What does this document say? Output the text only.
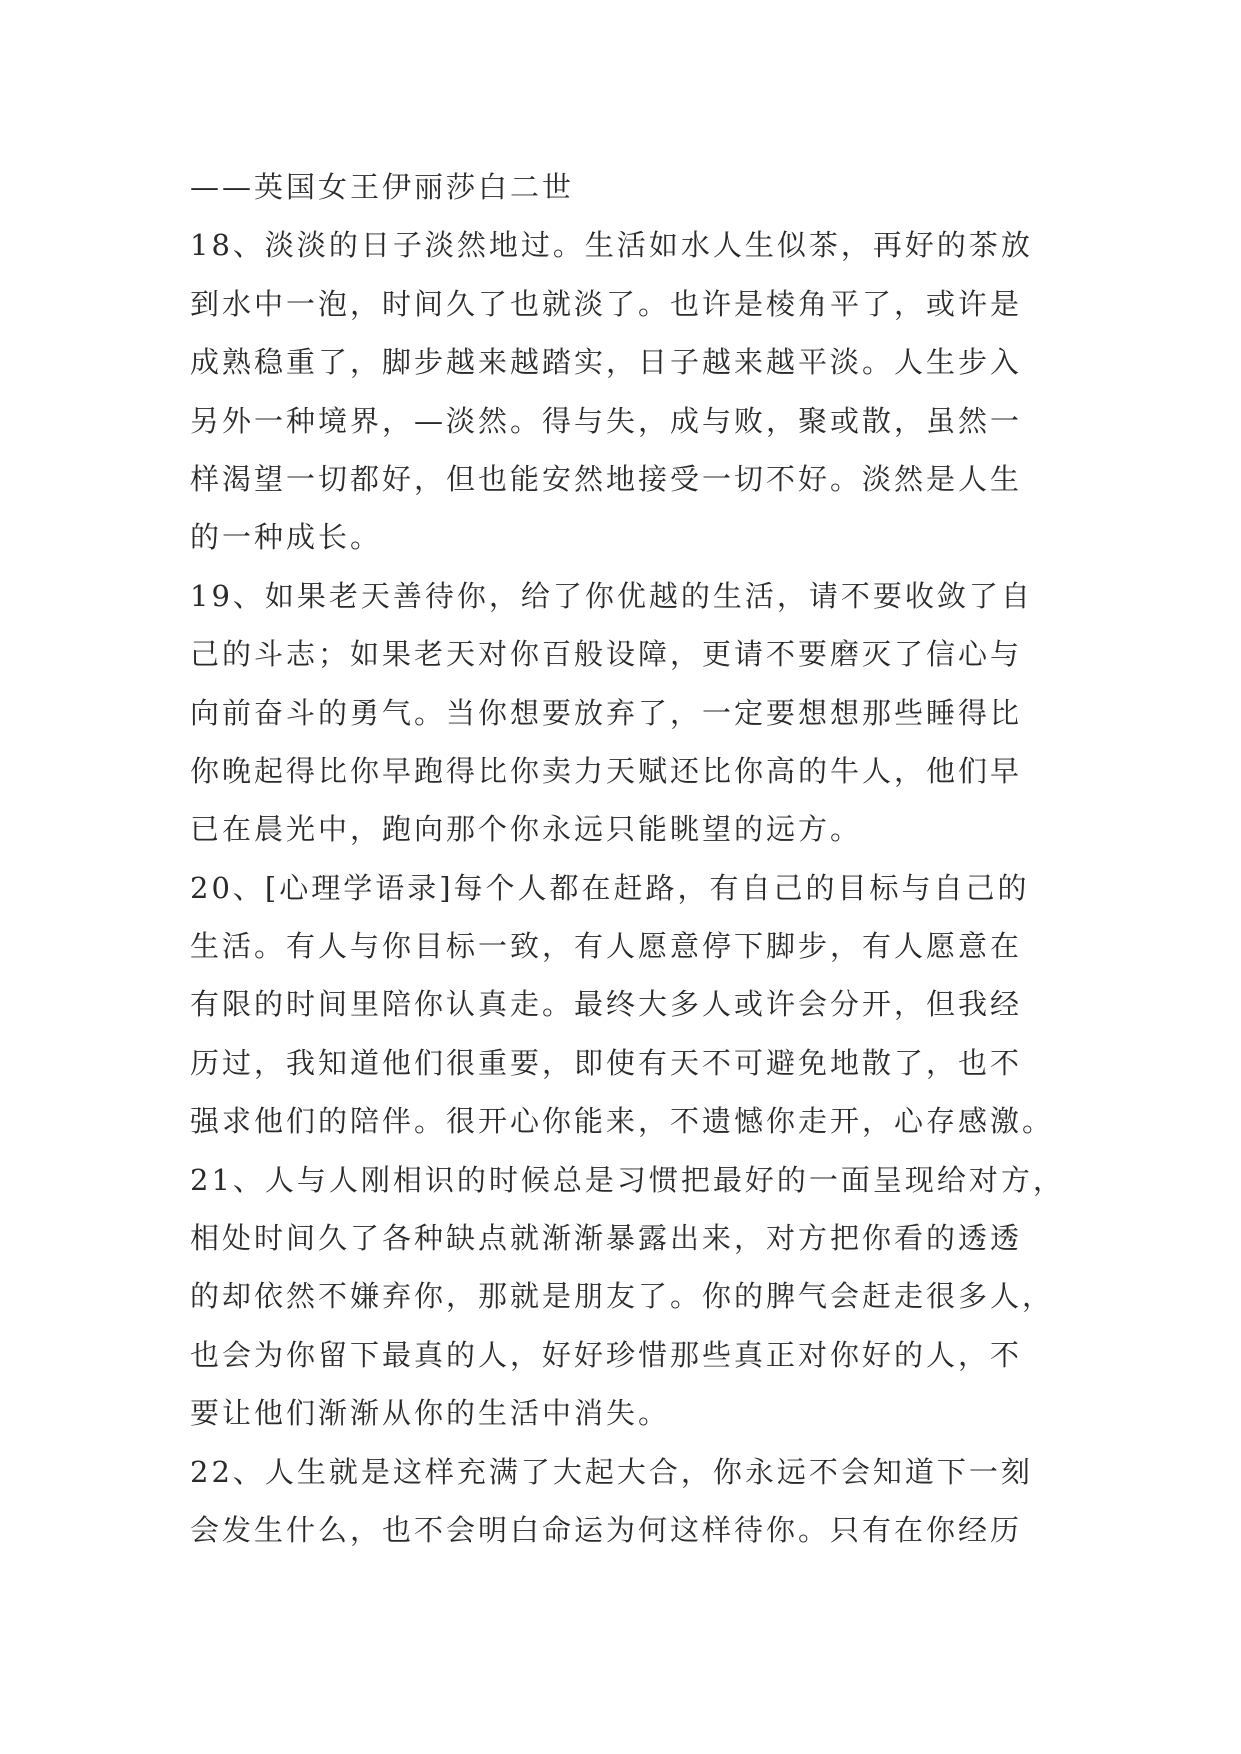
——英国女王伊丽莎白二世
18、淡淡的日子淡然地过。生活如水人生似茶，再好的茶放
到水中一泡，时间久了也就淡了。也许是棱角平了，或许是
成熟稳重了，脚步越来越踏实，日子越来越平淡。人生步入
另外一种境界，—淡然。得与失，成与败，聚或散，虽然一
样渴望一切都好，但也能安然地接受一切不好。淡然是人生
的一种成长。
19、如果老天善待你，给了你优越的生活，请不要收敛了自
己的斗志；如果老天对你百般设障，更请不要磨灭了信心与
向前奋斗的勇气。当你想要放弃了，一定要想想那些睡得比
你晚起得比你早跑得比你卖力天赋还比你高的牛人，他们早
已在晨光中，跑向那个你永远只能眺望的远方。
20、[心理学语录]每个人都在赶路，有自己的目标与自己的
生活。有人与你目标一致，有人愿意停下脚步，有人愿意在
有限的时间里陪你认真走。最终大多人或许会分开，但我经
历过，我知道他们很重要，即使有天不可避免地散了，也不
强求他们的陪伴。很开心你能来，不遗憾你走开，心存感激。
21、人与人刚相识的时候总是习惯把最好的一面呈现给对方，
相处时间久了各种缺点就渐渐暴露出来，对方把你看的透透
的却依然不嫌弃你，那就是朋友了。你的脾气会赶走很多人，
也会为你留下最真的人，好好珍惜那些真正对你好的人，不
要让他们渐渐从你的生活中消失。
22、人生就是这样充满了大起大合，你永远不会知道下一刻
会发生什么，也不会明白命运为何这样待你。只有在你经历
